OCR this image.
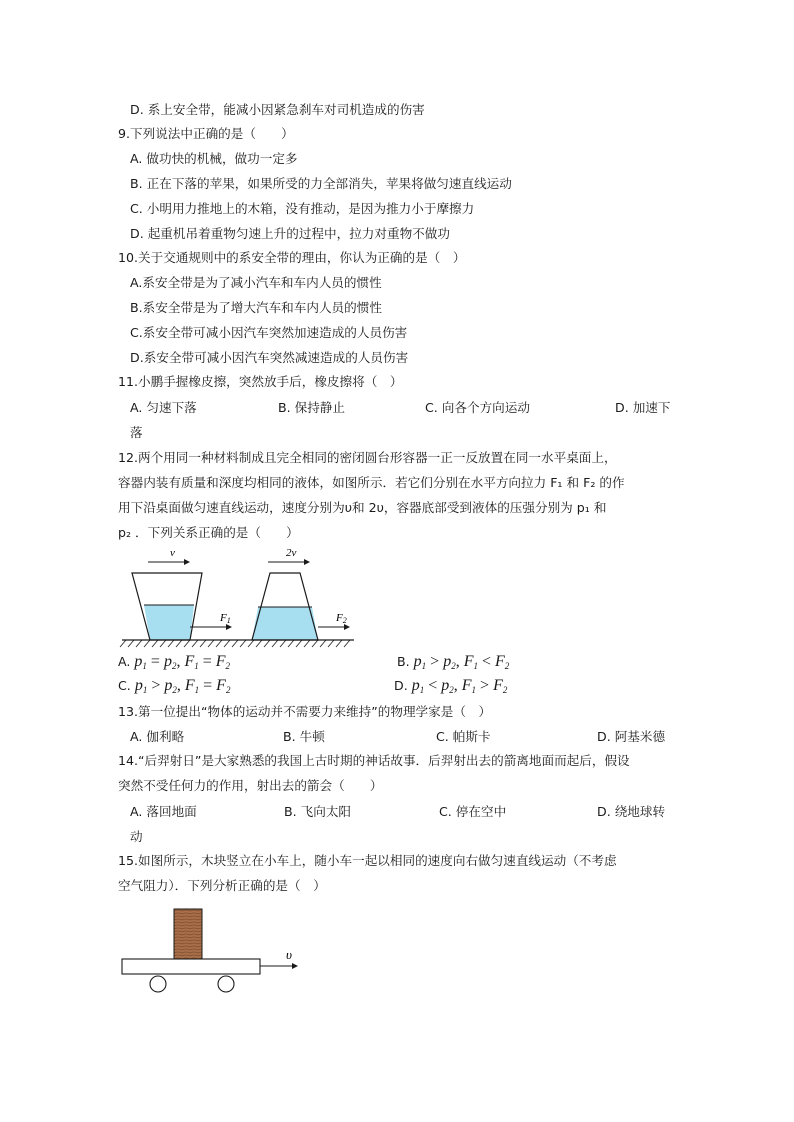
D. 系上安全带，能减小因紧急刹车对司机造成的伤害
9.下列说法中正确的是（　　）
A. 做功快的机械，做功一定多
B. 正在下落的苹果，如果所受的力全部消失，苹果将做匀速直线运动
C. 小明用力推地上的木箱，没有推动，是因为推力小于摩擦力
D. 起重机吊着重物匀速上升的过程中，拉力对重物不做功
10.关于交通规则中的系安全带的理由，你认为正确的是（　）
A.系安全带是为了减小汽车和车内人员的惯性
B.系安全带是为了增大汽车和车内人员的惯性
C.系安全带可减小因汽车突然加速造成的人员伤害
D.系安全带可减小因汽车突然减速造成的人员伤害
11.小鹏手握橡皮擦，突然放手后，橡皮擦将（　）
A. 匀速下落	B. 保持静止	C. 向各个方向运动	D. 加速下
落
12.两个用同一种材料制成且完全相同的密闭圆台形容器一正一反放置在同一水平桌面上，
容器内装有质量和深度均相同的液体，如图所示．若它们分别在水平方向拉力 F₁ 和 F₂ 的作
用下沿桌面做匀速直线运动，速度分别为υ和 2υ，容器底部受到液体的压强分别为 p₁ 和
p₂ ．下列关系正确的是（　　）
v
F1
2v
F2
A. p1 = p2, F1 = F2	B. p1 > p2, F1 < F2
C. p1 > p2, F1 = F2	D. p1 < p2, F1 > F2
13.第一位提出“物体的运动并不需要力来维持”的物理学家是（　）
A. 伽利略	B. 牛顿	C. 帕斯卡	D. 阿基米德
14.“后羿射日”是大家熟悉的我国上古时期的神话故事．后羿射出去的箭离地面而起后，假设
突然不受任何力的作用，射出去的箭会（　　）
A. 落回地面	B. 飞向太阳	C. 停在空中	D. 绕地球转
动
15.如图所示，木块竖立在小车上，随小车一起以相同的速度向右做匀速直线运动（不考虑
空气阻力）．下列分析正确的是（　）
υ
